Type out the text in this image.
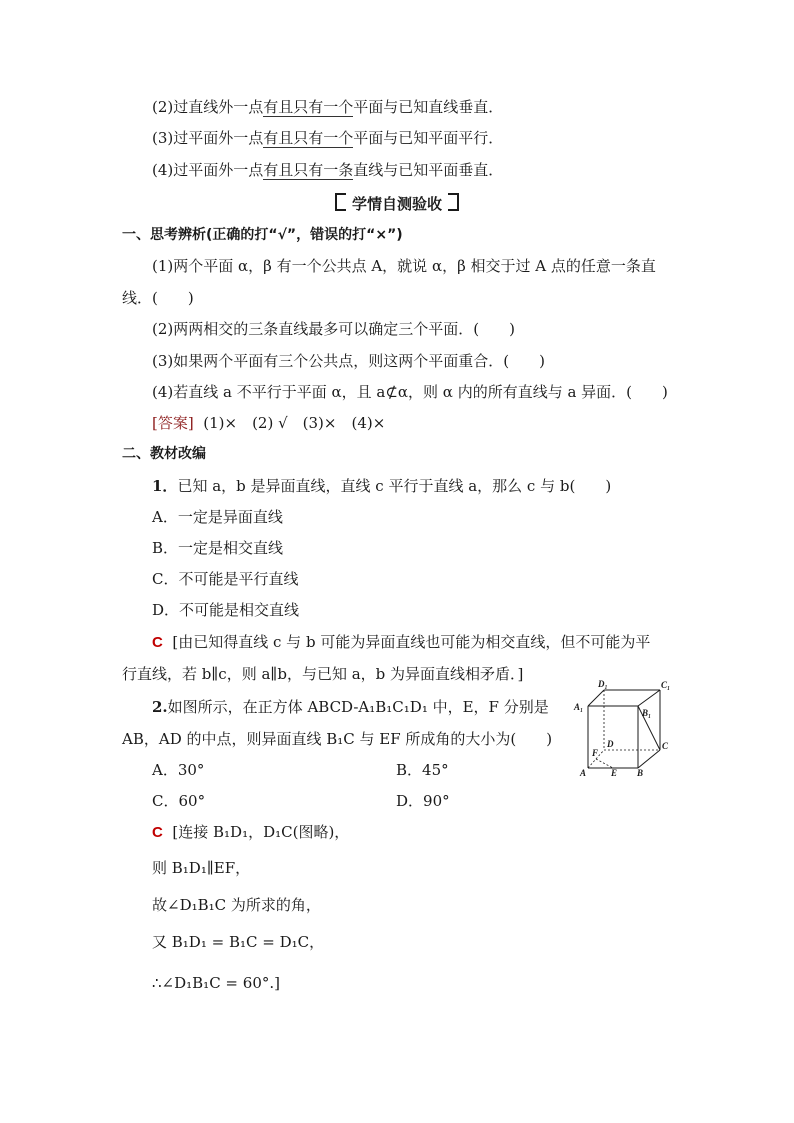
(2)过直线外一点有且只有一个平面与已知直线垂直．
(3)过平面外一点有且只有一个平面与已知平面平行．
(4)过平面外一点有且只有一条直线与已知平面垂直．
学情自测验收
一、思考辨析(正确的打“√”，错误的打“×”)
(1)两个平面 α，β 有一个公共点 A，就说 α，β 相交于过 A 点的任意一条直
线．(　　)
(2)两两相交的三条直线最多可以确定三个平面．(　　)
(3)如果两个平面有三个公共点，则这两个平面重合．(　　)
(4)若直线 a 不平行于平面 α，且 a⊄α，则 α 内的所有直线与 a 异面．(　　)
[答案] (1)×　(2) √　(3)×　(4)×
二、教材改编
1．已知 a，b 是异面直线，直线 c 平行于直线 a，那么 c 与 b(　　)
A．一定是异面直线
B．一定是相交直线
C．不可能是平行直线
D．不可能是相交直线
C [由已知得直线 c 与 b 可能为异面直线也可能为相交直线，但不可能为平
行直线，若 b∥c，则 a∥b，与已知 a，b 为异面直线相矛盾．]
2.如图所示，在正方体 ABCD-A₁B₁C₁D₁ 中，E，F 分别是
AB，AD 的中点，则异面直线 B₁C 与 EF 所成角的大小为(　　)
A．30°	B．45°
C．60°	D．90°
C [连接 B₁D₁，D₁C(图略)，
则 B₁D₁∥EF，
故∠D₁B₁C 为所求的角，
又 B₁D₁ = B₁C = D₁C，
∴∠D₁B₁C = 60°.]
D₁	C₁
A₁
B₁
D	C
F
A	E B
